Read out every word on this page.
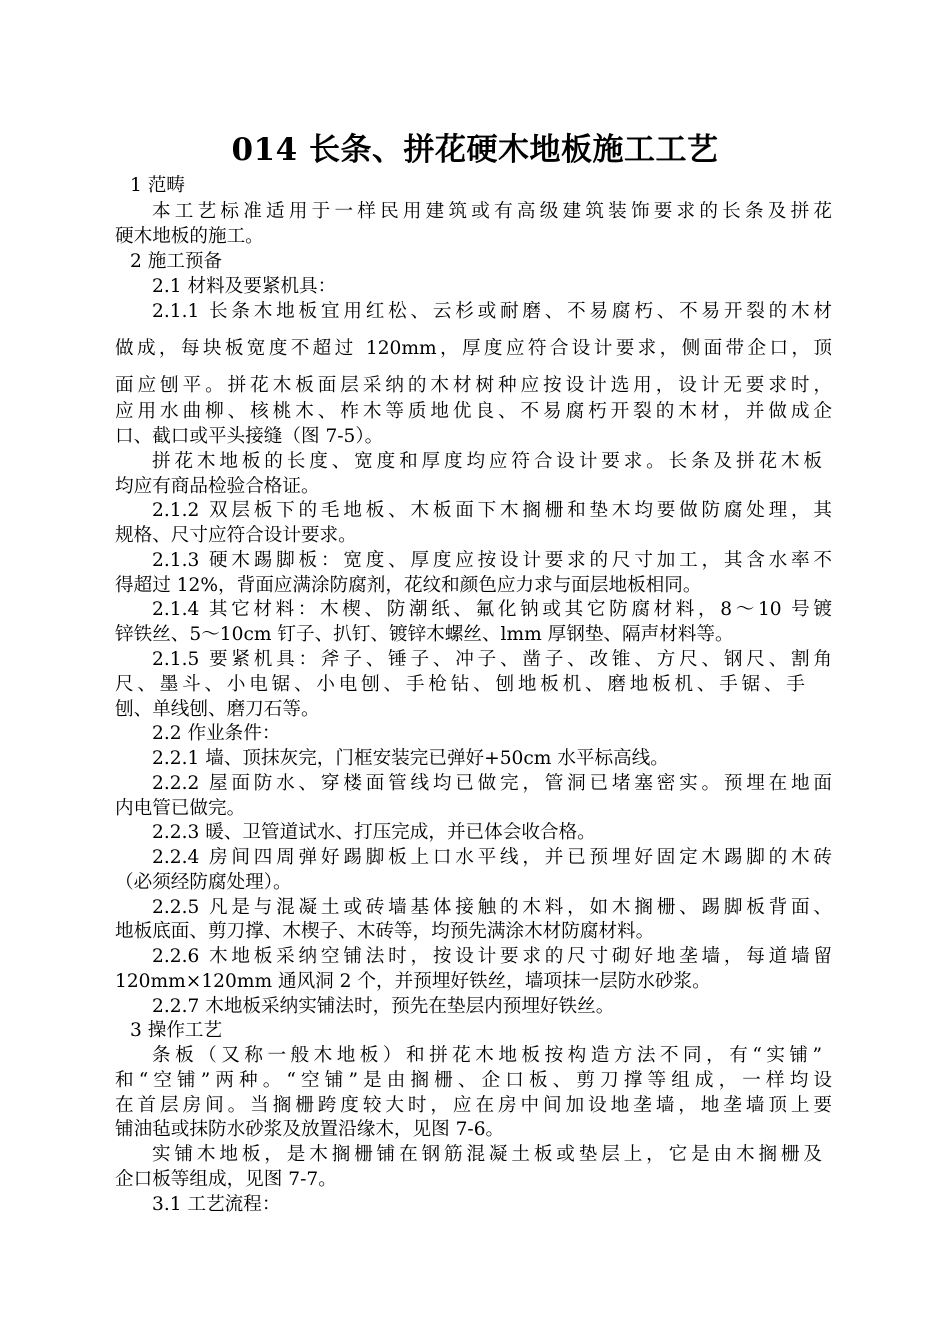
014 长条、拼花硬木地板施工工艺

1 范畴

本工艺标准适用于一样民用建筑或有高级建筑装饰要求的长条及拼花

硬木地板的施工。

2 施工预备

2.1 材料及要紧机具：

2.1.1 长条木地板宜用红松、云杉或耐磨、不易腐朽、不易开裂的木材

做成，每块板宽度不超过 120mm，厚度应符合设计要求，侧面带企口，顶

面应刨平。拼花木板面层采纳的木材树种应按设计选用，设计无要求时，

应用水曲柳、核桃木、柞木等质地优良、不易腐朽开裂的木材，并做成企

口、截口或平头接缝（图 7-5）。

拼花木地板的长度、宽度和厚度均应符合设计要求。长条及拼花木板

均应有商品检验合格证。

2.1.2 双层板下的毛地板、木板面下木搁栅和垫木均要做防腐处理，其

规格、尺寸应符合设计要求。

2.1.3 硬木踢脚板：宽度、厚度应按设计要求的尺寸加工，其含水率不

得超过 12%，背面应满涂防腐剂，花纹和颜色应力求与面层地板相同。

2.1.4 其它材料：木楔、防潮纸、氟化钠或其它防腐材料，8～10 号镀

锌铁丝、5～10cm 钉子、扒钉、镀锌木螺丝、lmm 厚钢垫、隔声材料等。

2.1.5 要紧机具：斧子、锤子、冲子、凿子、改锥、方尺、钢尺、割角

尺、墨斗、小电锯、小电刨、手枪钻、刨地板机、磨地板机、手锯、手

刨、单线刨、磨刀石等。

2.2 作业条件：

2.2.1 墙、顶抹灰完，门框安装完已弹好+50cm 水平标高线。

2.2.2 屋面防水、穿楼面管线均已做完，管洞已堵塞密实。预埋在地面

内电管已做完。

2.2.3 暖、卫管道试水、打压完成，并已体会收合格。

2.2.4 房间四周弹好踢脚板上口水平线，并已预埋好固定木踢脚的木砖

（必须经防腐处理）。

2.2.5 凡是与混凝土或砖墙基体接触的木料，如木搁栅、踢脚板背面、

地板底面、剪刀撑、木楔子、木砖等，均预先满涂木材防腐材料。

2.2.6 木地板采纳空铺法时，按设计要求的尺寸砌好地垄墙，每道墙留

120mm×120mm 通风洞 2 个，并预埋好铁丝，墙项抹一层防水砂浆。

2.2.7 木地板采纳实铺法时，预先在垫层内预埋好铁丝。

3 操作工艺

条板（又称一般木地板）和拼花木地板按构造方法不同，有“实铺”

和“空铺”两种。“空铺”是由搁栅、企口板、剪刀撑等组成，一样均设

在首层房间。当搁栅跨度较大时，应在房中间加设地垄墙，地垄墙顶上要

铺油毡或抹防水砂浆及放置沿缘木，见图 7-6。

实铺木地板，是木搁栅铺在钢筋混凝土板或垫层上，它是由木搁栅及

企口板等组成，见图 7-7。

3.1 工艺流程：
